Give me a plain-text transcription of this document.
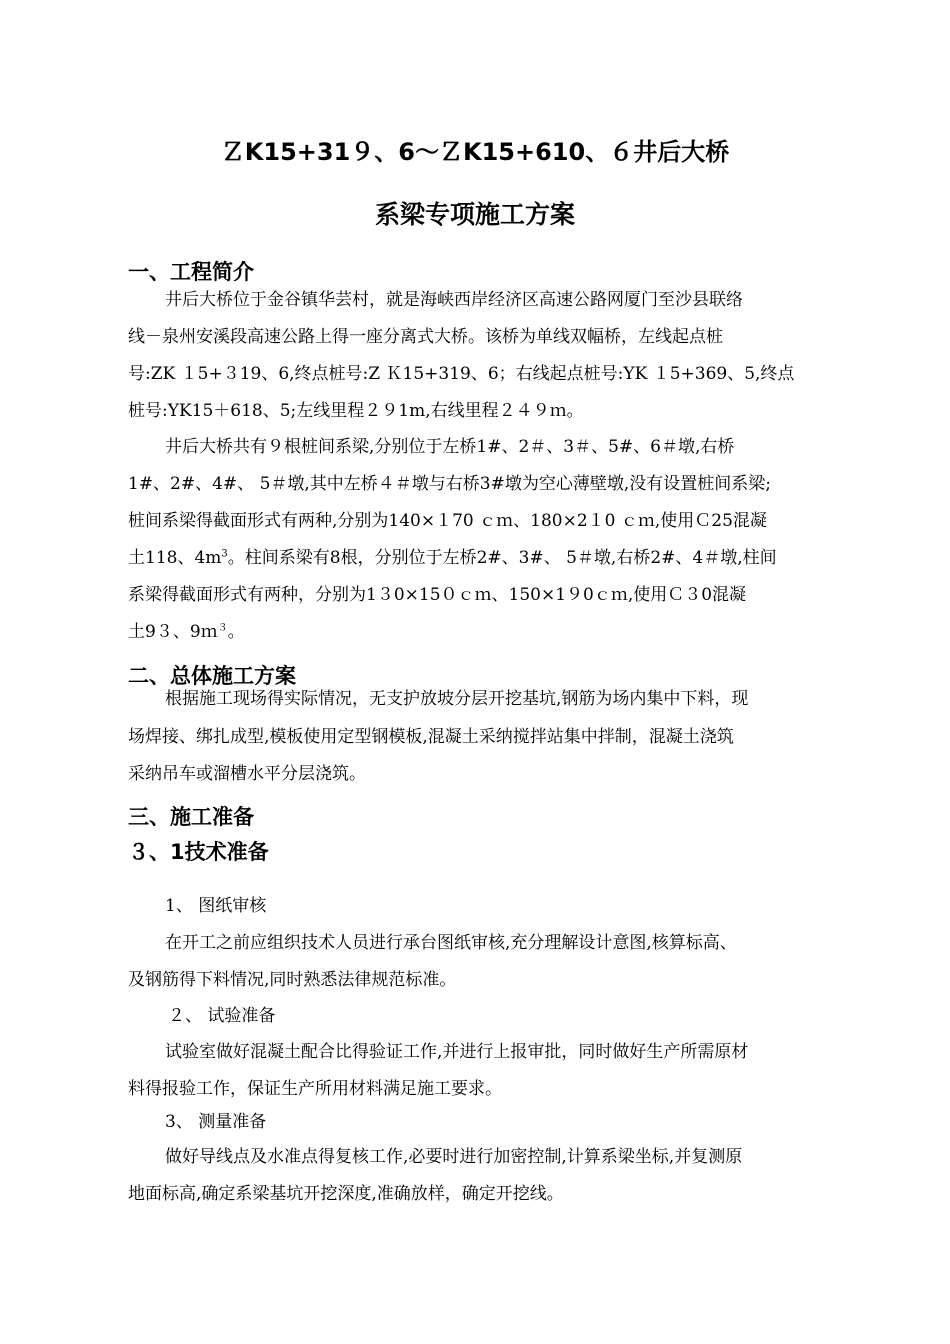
ＺK15+31９、6～ＺK15+610、６井后大桥
系梁专项施工方案
一、工程简介
井后大桥位于金谷镇华芸村，就是海峡西岸经济区高速公路网厦门至沙县联络
线－泉州安溪段高速公路上得一座分离式大桥。该桥为单线双幅桥，左线起点桩
号:ZK １5+３19、6,终点桩号:Z Ｋ15+319、6；右线起点桩号:YK １5+369、5,终点
桩号:YK15＋618、5;左线里程２９1m,右线里程２４９ｍ。
井后大桥共有９根桩间系梁,分别位于左桥1#、2＃、3＃、5#、6＃墩,右桥
1#、2#、4#、 5＃墩,其中左桥４＃墩与右桥3#墩为空心薄壁墩,没有设置桩间系梁;
桩间系梁得截面形式有两种,分别为140×１70 ｃｍ、180×2１0 ｃｍ,使用Ｃ25混凝
土118、$4m^3$。柱间系梁有8根，分别位于左桥2#、3#、 5＃墩,右桥2#、4＃墩,柱间
系梁得截面形式有两种，分别为1３0×15０ｃｍ、150×1９0ｃｍ,使用Ｃ３0混凝
土9３、9ｍ$^3$。
二、总体施工方案
根据施工现场得实际情况，无支护放坡分层开挖基坑,钢筋为场内集中下料，现
场焊接、绑扎成型,模板使用定型钢模板,混凝土采纳搅拌站集中拌制，混凝土浇筑
采纳吊车或溜槽水平分层浇筑。
三、施工准备
３、1技术准备
1、 图纸审核
在开工之前应组织技术人员进行承台图纸审核,充分理解设计意图,核算标高、
及钢筋得下料情况,同时熟悉法律规范标准。
２、 试验准备
试验室做好混凝土配合比得验证工作,并进行上报审批，同时做好生产所需原材
料得报验工作，保证生产所用材料满足施工要求。
3、 测量准备
做好导线点及水准点得复核工作,必要时进行加密控制,计算系梁坐标,并复测原
地面标高,确定系梁基坑开挖深度,准确放样，确定开挖线。
